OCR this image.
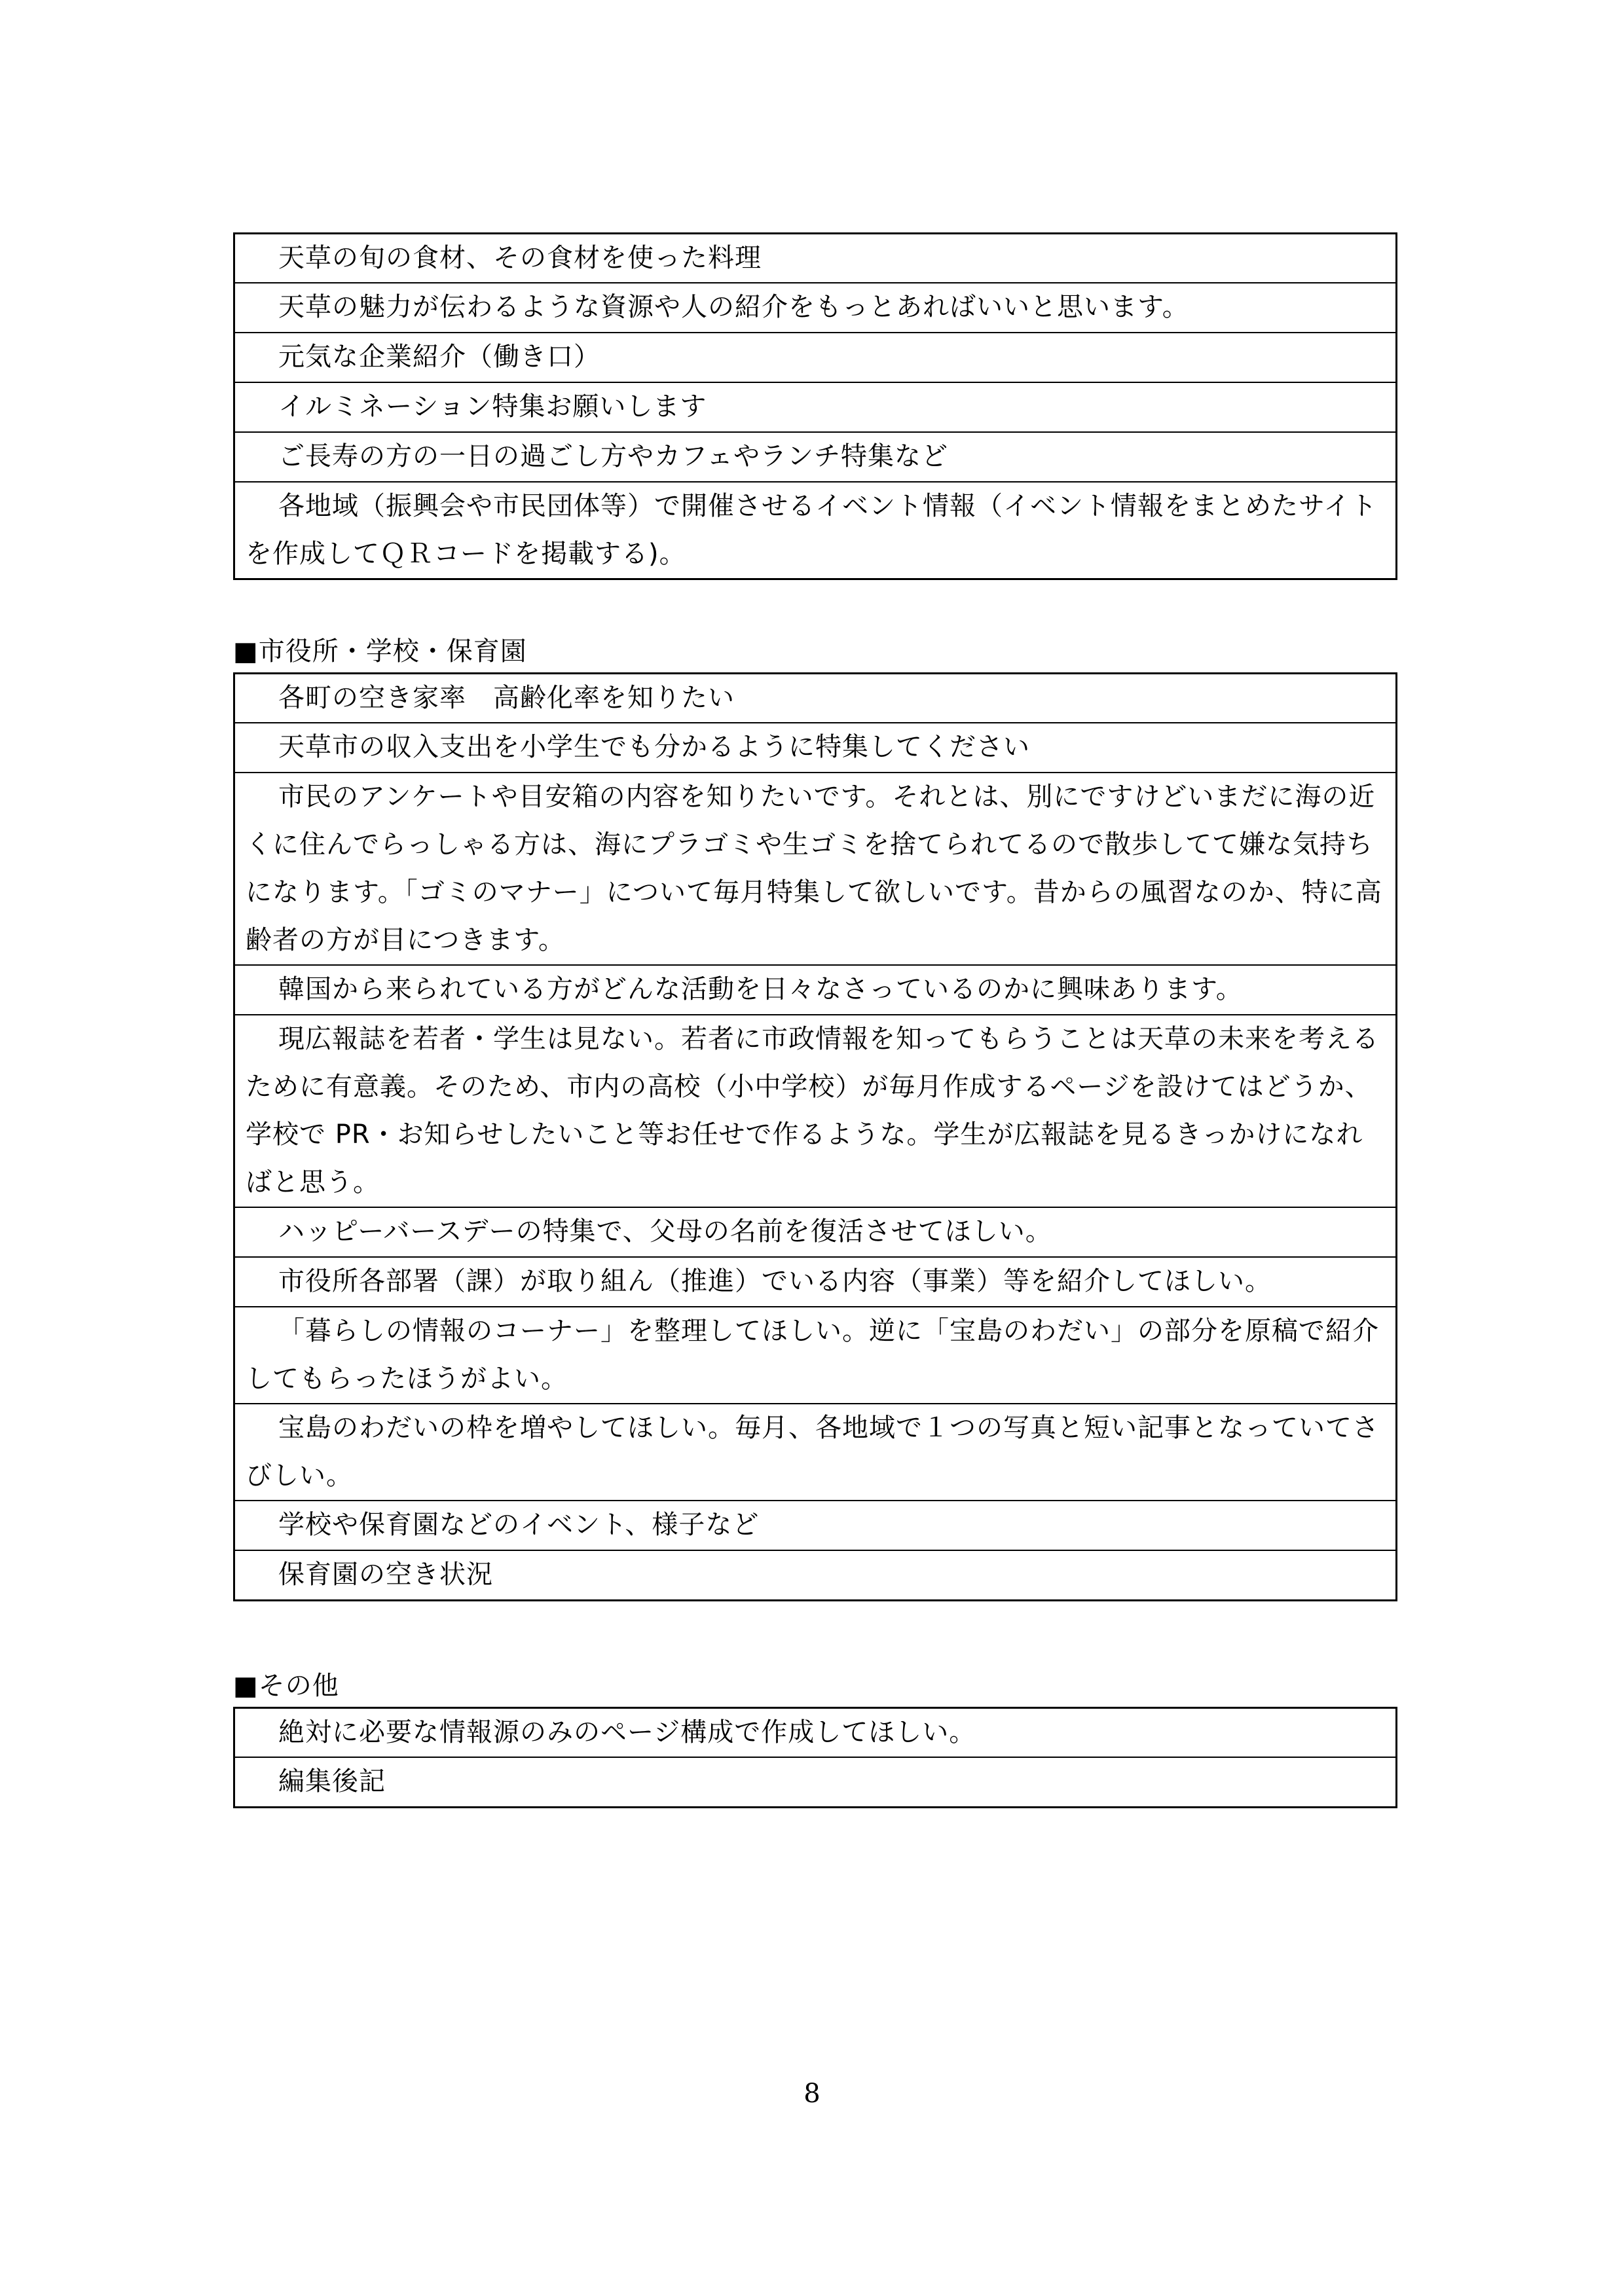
天草の旬の食材、その食材を使った料理
天草の魅力が伝わるような資源や人の紹介をもっとあればいいと思います。
元気な企業紹介（働き口）
イルミネーション特集お願いします
ご長寿の方の一日の過ごし方やカフェやランチ特集など
各地域（振興会や市民団体等）で開催させるイベント情報（イベント情報をまとめたサイトを作成してＱＲコードを掲載する)。
■市役所・学校・保育園
各町の空き家率　高齢化率を知りたい
天草市の収入支出を小学生でも分かるように特集してください
市民のアンケートや目安箱の内容を知りたいです。それとは、別にですけどいまだに海の近くに住んでらっしゃる方は、海にプラゴミや生ゴミを捨てられてるので散歩してて嫌な気持ちになります。「ゴミのマナー」について毎月特集して欲しいです。昔からの風習なのか、特に高齢者の方が目につきます。
韓国から来られている方がどんな活動を日々なさっているのかに興味あります。
現広報誌を若者・学生は見ない。若者に市政情報を知ってもらうことは天草の未来を考えるために有意義。そのため、市内の高校（小中学校）が毎月作成するページを設けてはどうか、学校で PR・お知らせしたいこと等お任せで作るような。学生が広報誌を見るきっかけになればと思う。
ハッピーバースデーの特集で、父母の名前を復活させてほしい。
市役所各部署（課）が取り組ん（推進）でいる内容（事業）等を紹介してほしい。
「暮らしの情報のコーナー」を整理してほしい。逆に「宝島のわだい」の部分を原稿で紹介してもらったほうがよい。
宝島のわだいの枠を増やしてほしい。毎月、各地域で１つの写真と短い記事となっていてさびしい。
学校や保育園などのイベント、様子など
保育園の空き状況
■その他
絶対に必要な情報源のみのページ構成で作成してほしい。
編集後記
8
